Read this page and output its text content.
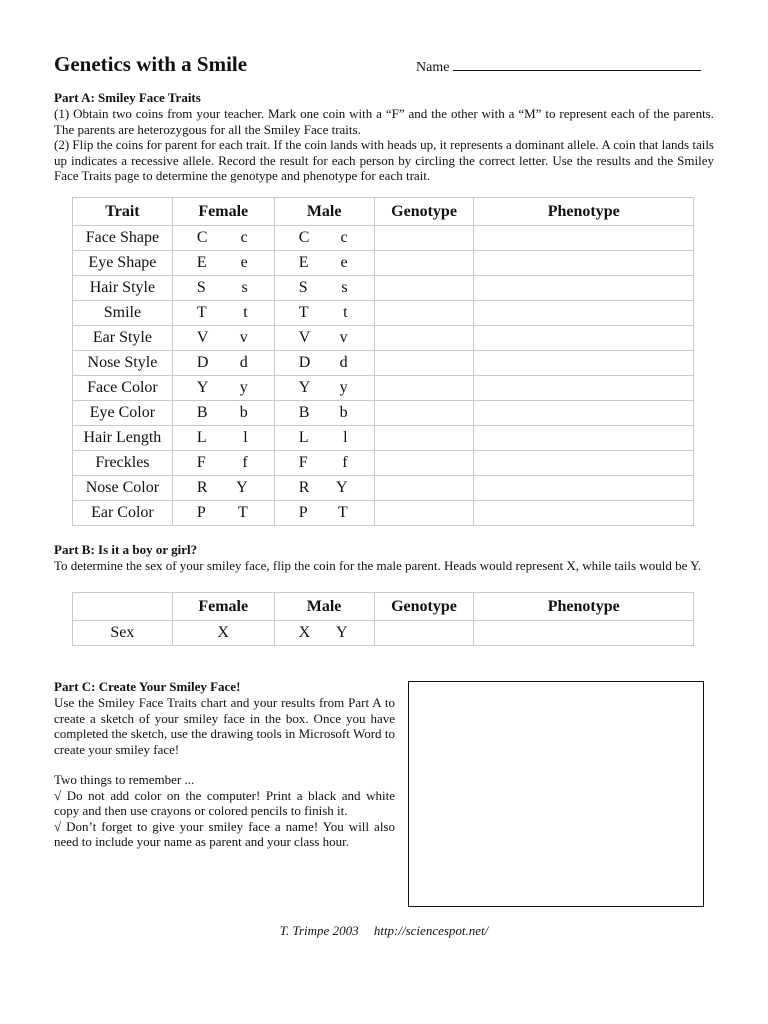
Genetics with a Smile	Name
Part A: Smiley Face Traits
(1) Obtain two coins from your teacher. Mark one coin with a “F” and the other with a “M” to represent each of the parents. The parents are heterozygous for all the Smiley Face traits.
(2) Flip the coins for parent for each trait. If the coin lands with heads up, it represents a dominant allele. A coin that lands tails up indicates a recessive allele. Record the result for each person by circling the correct letter. Use the results and the Smiley Face Traits page to determine the genotype and phenotype for each trait.
Trait	Female	Male	Genotype	Phenotype
Face Shape	C c	C c		

Eye Shape	E e	E e		

Hair Style	S s	S s		

Smile	T t	T t		

Ear Style	V v	V v		

Nose Style	D d	D d		

Face Color	Y y	Y y		

Eye Color	B b	B b		

Hair Length	L l	L l		

Freckles	F f	F f		

Nose Color	R Y	R Y		

Ear Color	P T	P T		

Part B: Is it a boy or girl?
To determine the sex of your smiley face, flip the coin for the male parent. Heads would represent X, while tails would be Y.
	Female	Male	Genotype	Phenotype
Sex	X	X Y		

Part C: Create Your Smiley Face!
Use the Smiley Face Traits chart and your results from Part A to create a sketch of your smiley face in the box. Once you have completed the sketch, use the drawing tools in Microsoft Word to create your smiley face!
Two things to remember ...
√ Do not add color on the computer! Print a black and white copy and then use crayons or colored pencils to finish it.
√ Don’t forget to give your smiley face a name! You will also need to include your name as parent and your class hour.
T. Trimpe 2003 http://sciencespot.net/
